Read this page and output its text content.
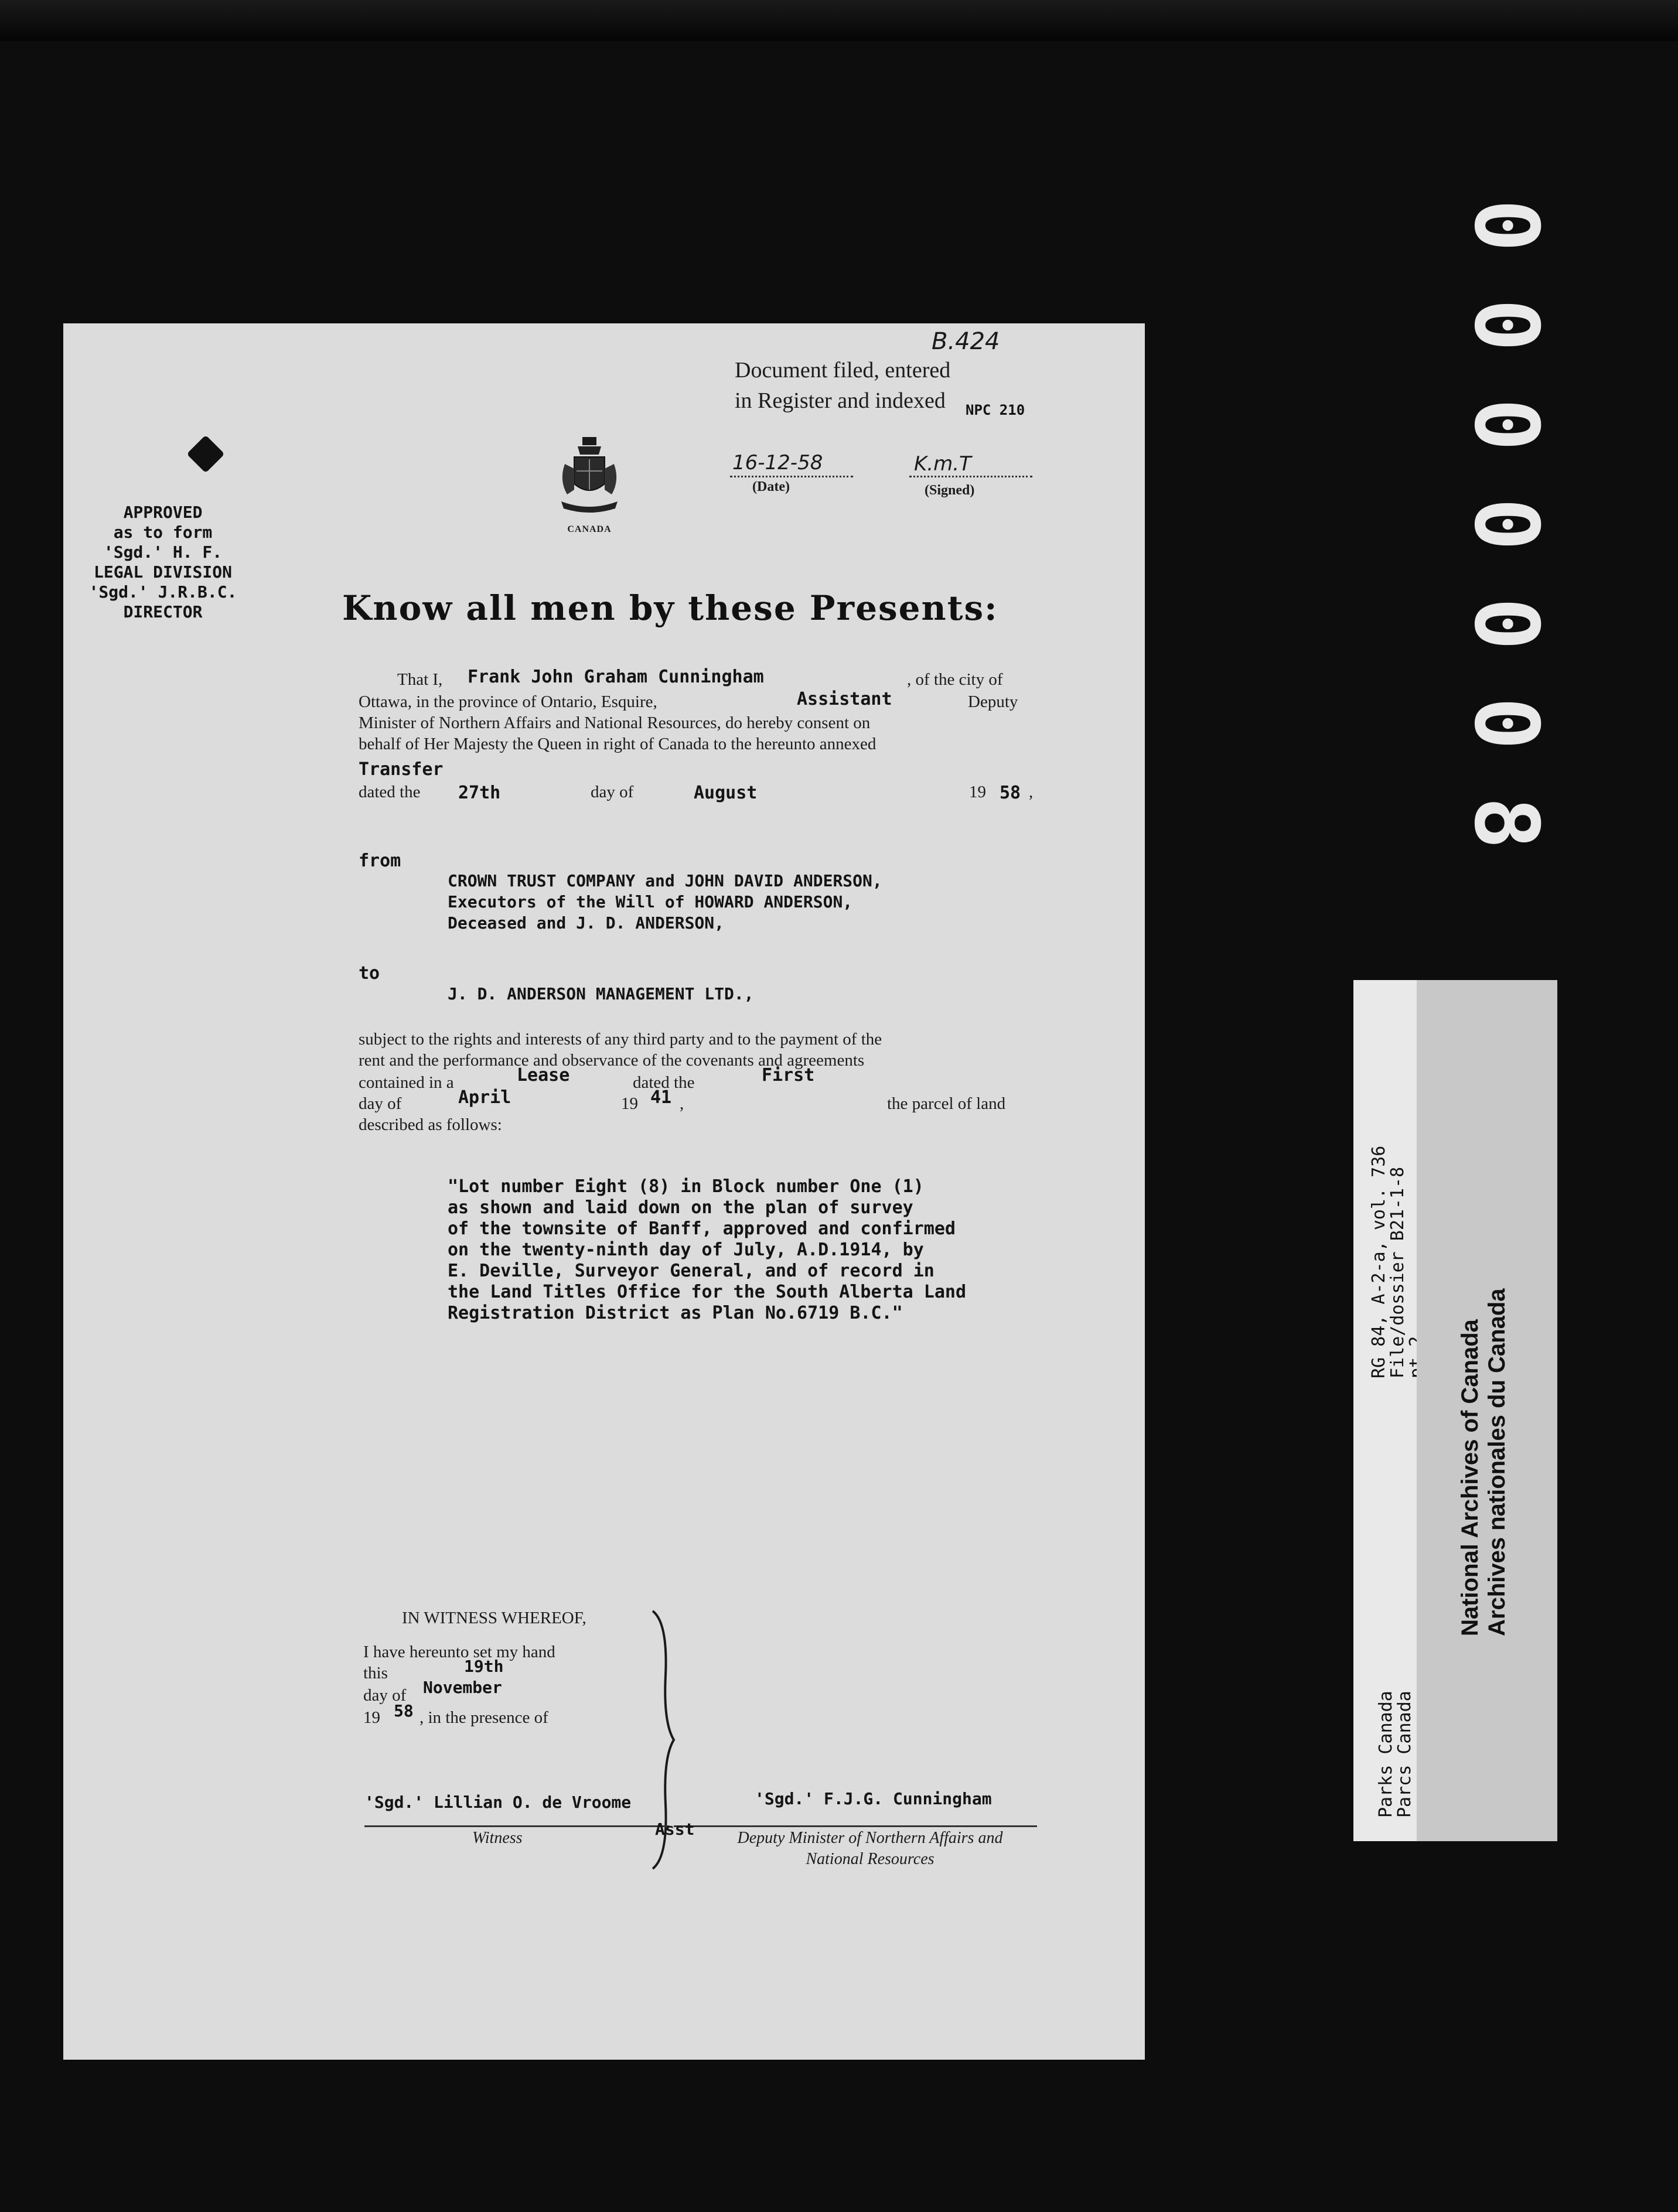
0
0
0
0
0
0
8
B.424
Document filed, entered
in Register and indexed	NPC 210
16-12-58
(Date)
K.m.T
(Signed)
CANADA
APPROVED
as to form
'Sgd.' H. F.
LEGAL DIVISION
'Sgd.' J.R.B.C.
DIRECTOR	Know all men by these Presents:
That I, Frank John Graham Cunningham	, of the city of
Ottawa, in the province of Ontario, Esquire,	Assistant	Deputy
Minister of Northern Affairs and National Resources, do hereby consent on
behalf of Her Majesty the Queen in right of Canada to the hereunto annexed
Transfer
dated the 27th	day of	August	19 58 ,
from
CROWN TRUST COMPANY and JOHN DAVID ANDERSON,
Executors of the Will of HOWARD ANDERSON,
Deceased and J. D. ANDERSON,
to
J. D. ANDERSON MANAGEMENT LTD.,
subject to the rights and interests of any third party and to the payment of the
rent and the performance and observance of the covenants and agreements
contained in a	Lease	dated the	First
day of	April	19 41 ,	the parcel of land
described as follows:
"Lot number Eight (8) in Block number One (1)
as shown and laid down on the plan of survey
of the townsite of Banff, approved and confirmed
on the twenty-ninth day of July, A.D.1914, by
E. Deville, Surveyor General, and of record in
the Land Titles Office for the South Alberta Land
Registration District as Plan No.6719 B.C."
IN WITNESS WHEREOF,
I have hereunto set my hand
this	19th
day of November
19 58 , in the presence of
'Sgd.' Lillian O. de Vroome
Witness
'Sgd.' F.J.G. Cunningham
Asst	Deputy Minister of Northern Affairs and
National Resources
RG 84, A-2-a, vol. 736
File/dossier B21-1-8

Parks Canada
Parcs Canada
National Archives of Canada
Archives nationales du Canada
